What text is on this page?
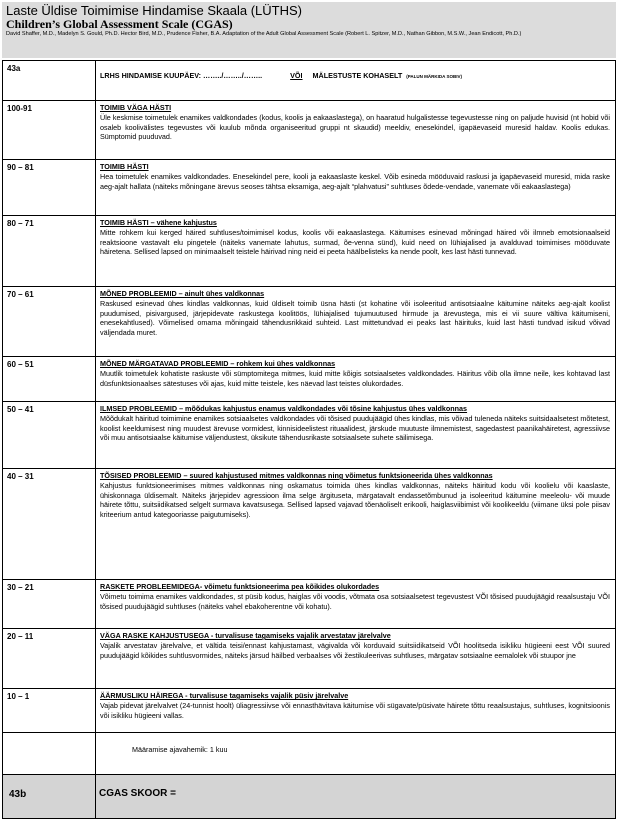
Laste Üldise Toimimise Hindamise Skaala (LÜTHS)
Children’s Global Assessment Scale (CGAS)
David Shaffer, M.D., Madelyn S. Gould, Ph.D. Hector Bird, M.D., Prudence Fisher, B.A. Adaptation of the Adult Global Assessment Scale (Robert L. Spitzer, M.D., Nathan Gibbon, M.S.W., Jean Endicott, Ph.D.)
43a	LRHS HINDAMISE KUUPÄEV: ……../……../…….. VÕI MÄLESTUSTE KOHASELT (PALUN MÄRKIDA SOBIV)
100-91	TOIMIB VÄGA HÄSTI
Üle keskmise toimetulek enamikes valdkondades (kodus, koolis ja eakaaslastega), on haaratud hulgalistesse tegevustesse ning on paljude huvisid (nt hobid või osaleb koolivälistes tegevustes või kuulub mõnda organiseeritud gruppi nt skaudid) meeldiv, enesekindel, igapäevaseid muresid haldav. Koolis edukas. Sümptomid puuduvad.

90 – 81	TOIMIB HÄSTI
Hea toimetulek enamikes valdkondades. Enesekindel pere, kooli ja eakaaslaste keskel. Võib esineda mööduvaid raskusi ja igapäevaseid muresid, mida raske aeg-ajalt hallata (näiteks mõningane ärevus seoses tähtsa eksamiga, aeg-ajalt “plahvatusi” suhtluses õdede-vendade, vanemate või eakaaslastega)

80 – 71	TOIMIB HÄSTI – vähene kahjustus
Mitte rohkem kui kerged häired suhtluses/toimimisel kodus, koolis või eakaaslastega. Käitumises esinevad mõningad häired või ilmneb emotsionaalseid reaktsioone vastavalt elu pingetele (näiteks vanemate lahutus, surmad, õe-venna sünd), kuid need on lühiajalised ja avalduvad toimimises mööduvate häiretena. Sellised lapsed on minimaalselt teistele häirivad ning neid ei peeta häälbelistеks ka nende poolt, kes last hästi tunnevad.

70 – 61	MÕNED PROBLEEMID – ainult ühes valdkonnas
Raskused esinevad ühes kindlas valdkonnas, kuid üldiselt toimib üsna hästi (st kohatine või isoleeritud antisotsiaalne käitumine näiteks aeg-ajalt koolist puudumised, pisivargused, järjepidevate raskustega koolitöös, lühiajalised tujumuutused hirmude ja ärevustega, mis ei vii suure vältiva käitumiseni, enesekahtlused). Võimelised omama mõningaid tähendusrikkaid suhteid. Last mittetundvad ei peaks last häirituks, kuid last hästi tundvad isikud võivad väljendada muret.

60 – 51	MÕNED MÄRGATAVAD PROBLEEMID – rohkem kui ühes valdkonnas
Muutlik toimetulek kohatiste raskuste või sümptomitega mitmes, kuid mitte kõigis sotsiaalsetes valdkondades. Häiritus võib olla ilmne neile, kes kohtavad last düsfunktsionaalses sätestuses või ajas, kuid mitte teistele, kes näevad last teistes olukordades.

50 – 41	ILMSED PROBLEEMID – mõõdukas kahjustus enamus valdkondades või tõsine kahjustus ühes valdkonnas
Mõõdukalt häiritud toimimine enamikes sotsiaalsetes valdkondades või tõsised puudujäägid ühes kindlas, mis võivad tuleneda näiteks suitsidaalsetest mõtetest, koolist keeldumisest ning muudest ärevuse vormidest, kinnisideelistest rituaalidest, järskude muutuste ilmnemistest, sagedastest paanikahäiretest, agressiivse või muu antisotsiaalse käitumise väljendustest, üksikute tähendusrikaste sotsiaalsete suhete säilimisega.

40 – 31	TÕSISED PROBLEEMID – suured kahjustused mitmes valdkonnas ning võimetus funktsioneerida ühes valdkonnas
Kahjustus funktsioneerimises mitmes valdkonnas ning oskamatus toimida ühes kindlas valdkonnas, näiteks häiritud kodu või koolielu või kaaslaste, ühiskonnaga üldisemalt. Näiteks järjepidev agressioon ilma selge ärgituseta, märgatavalt endassetõmbunud ja isoleeritud käitumine meeleolu- või muude häirete tõttu, suitsiidikatsed selgelt surmava kavatsusega. Sellised lapsed vajavad tõenäoliselt erikooli, haiglasviibimist või koolikeeldu (viimane üksi pole piisav kriteerium antud kategooriasse paigutumiseks).

30 – 21	RASKETE PROBLEEMIDEGA- võimetu funktsioneerima pea kõikides olukordades
Võimetu toimima enamikes valdkondades, st püsib kodus, haiglas või voodis, võtmata osa sotsiaalsetest tegevustest VÕI tõsised puudujäägid reaalsustaju VÕI tõsised puudujäägid suhtluses (näiteks vahel ebakoherentne või kohatu).

20 – 11	VÄGA RASKE KAHJUSTUSEGA - turvalisuse tagamiseks vajalik arvestatav järelvalve
Vajalik arvestatav järelvalve, et vältida teisi/ennast kahjustamast, vägivalda või korduvaid suitsiidikatseid VÕI hoolitseda isikliku hügieeni eest VÕI suured puudujäägid kõikides suhtlusvormides, näiteks järsud häilbed verbaalses või žestikuleerivas suhtluses, märgatav sotsiaalne eemalolek või stuupor jne

10 – 1	ÄÄRMUSLIKU HÄIREGA - turvalisuse tagamiseks vajalik püsiv järelvalve
Vajab pidevat järelvalvet (24-tunnist hoolt) üliagressiivse või ennasthävitava käitumise või sügavate/püsivate häirete tõttu reaalsustajus, suhtluses, kognitsioonis või isikliku hügieeni vallas.

	Määramise ajavahemik: 1 kuu
43b	CGAS SKOOR =
